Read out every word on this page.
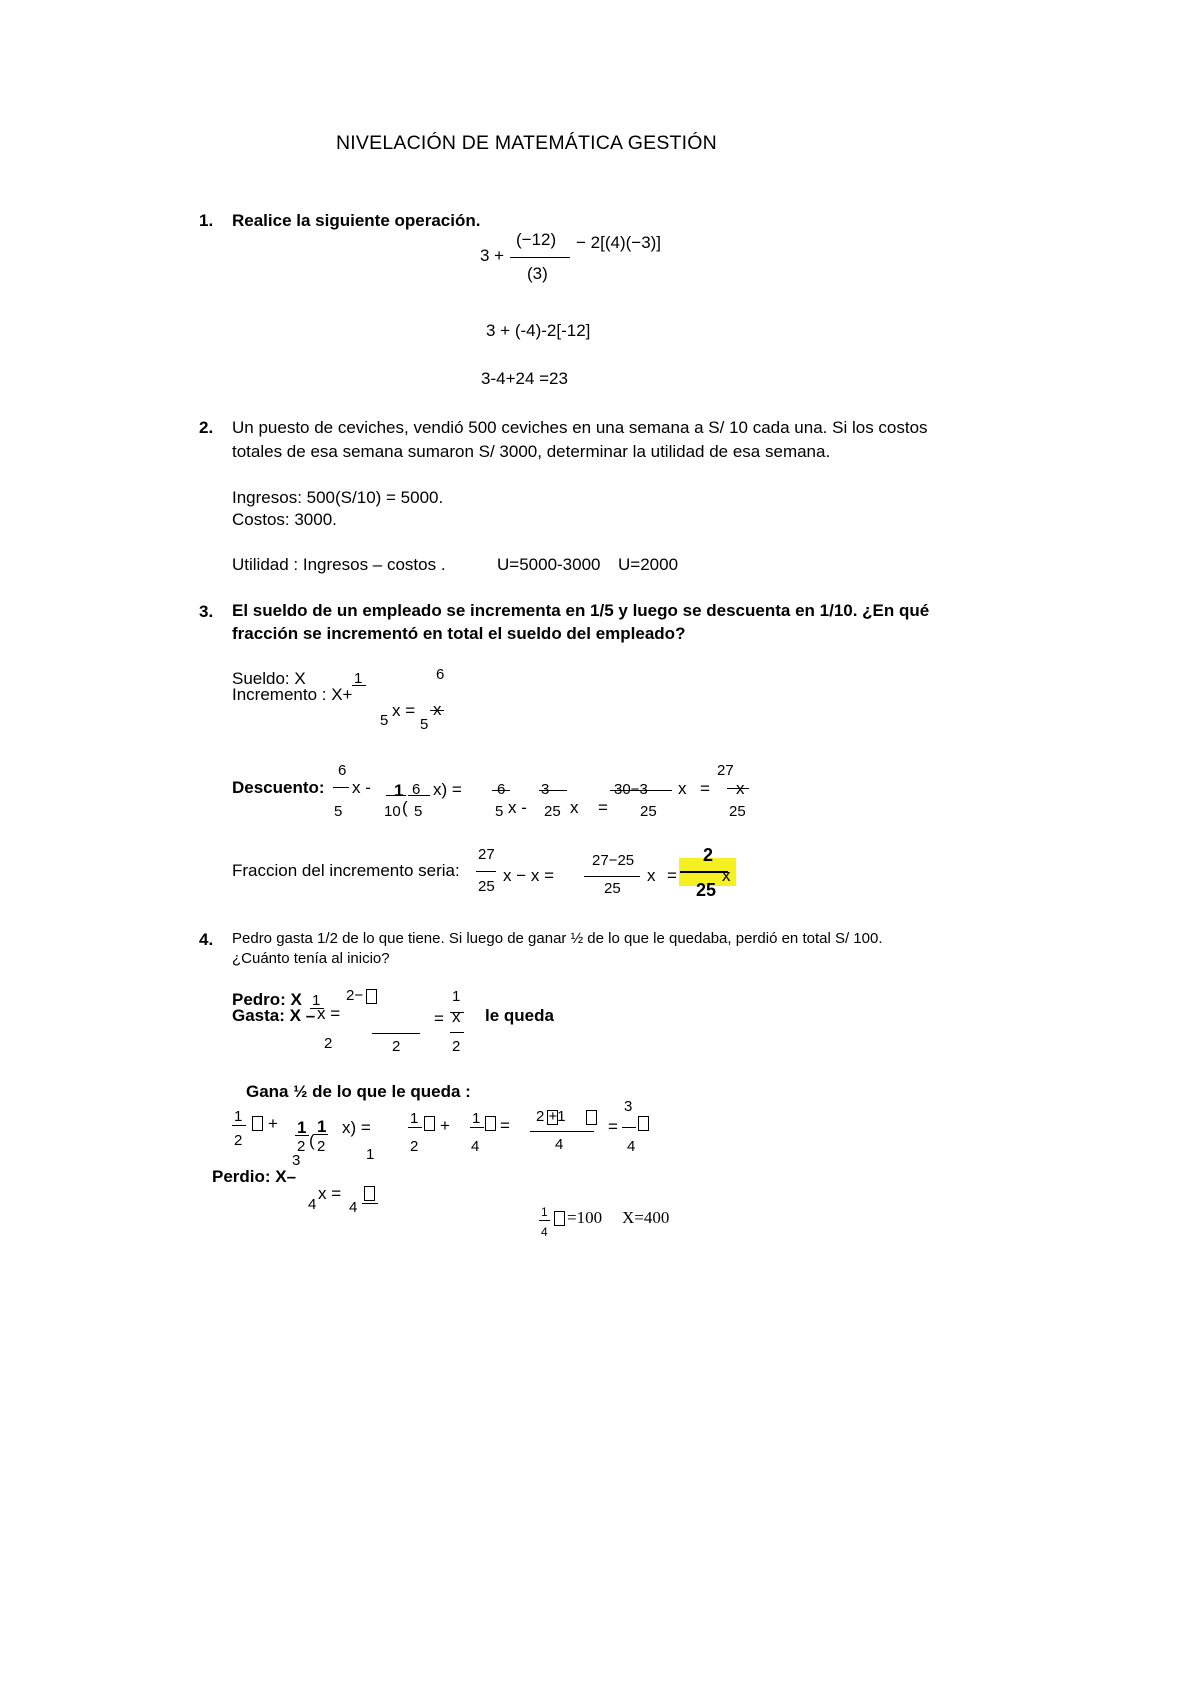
NIVELACIÓN DE MATEMÁTICA GESTIÓN
1. Realice la siguiente operación.
3 +
(−12)
(3)
− 2[(4)(−3)]
3 + (-4)-2[-12]
3-4+24 =23
2. Un puesto de ceviches, vendió 500 ceviches en una semana a S/ 10 cada una. Si los costos
totales de esa semana sumaron S/ 3000, determinar la utilidad de esa semana.
Ingresos: 500(S/10) = 5000.
Costos: 3000.
Utilidad : Ingresos – costos .	U=5000-3000 U=2000
3. El sueldo de un empleado se incrementa en 1/5 y luego se descuenta en 1/10. ¿En qué
fracción se incrementó en total el sueldo del empleado?
Sueldo: X
Incremento : X+
1
5
x =
6
5
x
Descuento:
6
5
x - 1
10 (
6
5
x) = 6
5 x -
3
25 x =
30−3
25
x =
27
25
x
Fraccion del incremento seria:
27
25
x − x =
27−25
25
x =
2
25
x
4. Pedro gasta 1/2 de lo que tiene. Si luego de ganar ½ de lo que le quedaba, perdió en total S/ 100.
¿Cuánto tenía al inicio?
Pedro: X
Gasta: X –
1
x =
2
2−
2
=
1
x
2
le queda
Gana ½ de lo que le queda :
1
2
+ 1
2 (
1
2
x) =	1
2
+ 1
4
= 2 +1
4
=
3
4
1
Perdio: X–
3
4
x =
4	1
4
=100 X=400
